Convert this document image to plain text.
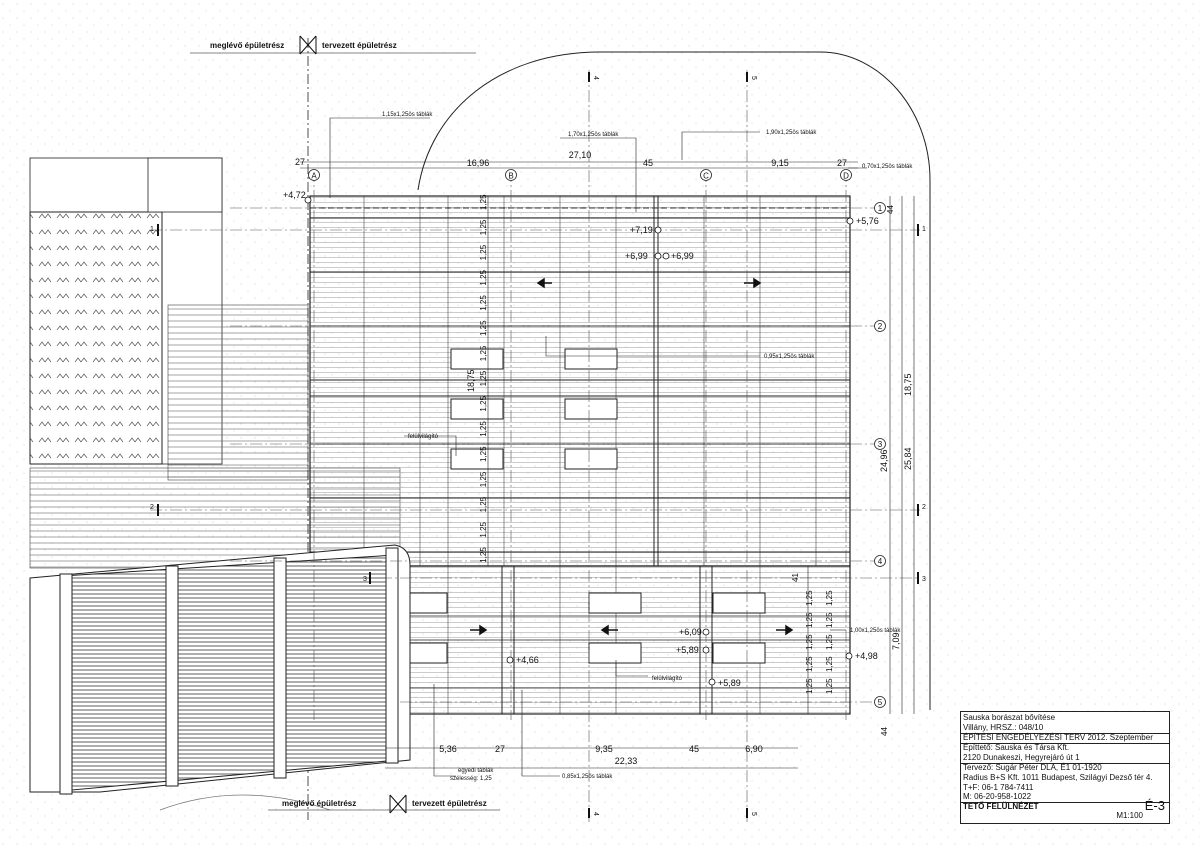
A	B	C	D
1
2
3
4
5
4	5
4	5
1
2
3
1
2
3
meglévő épületrész	tervezett épületrész
meglévő épületrész	tervezett épületrész
27,10
27	16,96	45	9,15	27
5,36	27	9,35	45	6,90
22,33
44
18,75
24,96 25,84
7,09
44
18,75
41
1,25
1,25
1,25
1,25
1,25
1,25
1,25
1,25
1,25
1,25
1,25
1,25
1,25
1,25
1,25
1,25
1,25
1,25
1,25
1,25
1,25
1,25
1,25
1,25
1,25
+4,72
+5,76
+7,19
+6,99	+6,99
+4,66
+6,09
+5,89
+5,89
+4,98
1,15x1,25ös táblák
1,70x1,25ös táblák	1,90x1,25ös táblák
0,70x1,25ös táblák
0,95x1,25ös táblák
felülvilágító
1,00x1,25ös táblák
felülvilágító
egyedi táblák
szélesség: 1,25	0,85x1,25ös táblák
Sauska borászat bővítése
Villány, HRSZ.: 048/10
ÉPÍTÉSI ENGEDÉLYEZÉSI TERV 2012. Szeptember
Építtető: Sauska és Társa Kft.
2120 Dunakeszi, Hegyrejáró út 1
Tervező: Sugár Péter DLA, É1 01-1920
Radius B+S Kft. 1011 Budapest, Szilágyi Dezső tér 4.
T+F: 06-1 784-7411
M: 06-20-958-1022
TETŐ FELÜLNÉZET	É-3
M1:100
